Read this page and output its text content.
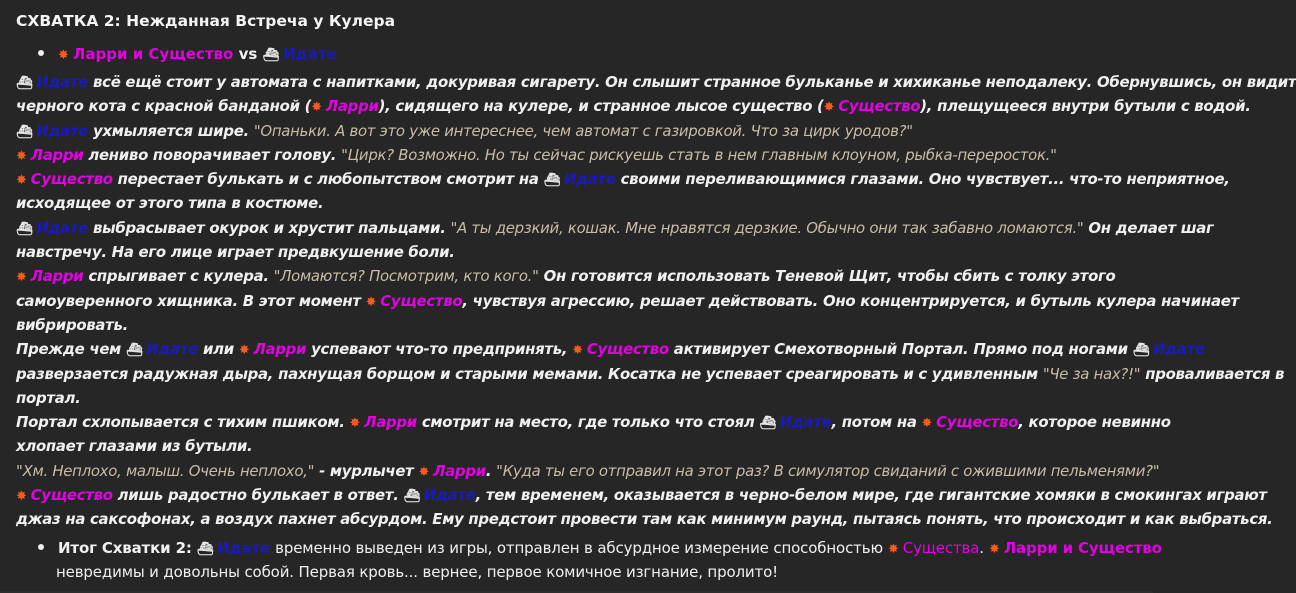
СХВАТКА 2: Нежданная Встреча у Кулера
✸ Ларри и Существо vs ⛴ Идате
⛴ Идате всё ещё стоит у автомата с напитками, докуривая сигарету. Он слышит странное бульканье и хихиканье неподалеку. Обернувшись, он видит
черного кота с красной банданой (✸ Ларри), сидящего на кулере, и странное лысое существо (✸ Существо), плещущееся внутри бутыли с водой.
⛴ Идате ухмыляется шире. "Опаньки. А вот это уже интереснее, чем автомат с газировкой. Что за цирк уродов?"
✸ Ларри лениво поворачивает голову. "Цирк? Возможно. Но ты сейчас рискуешь стать в нем главным клоуном, рыбка-переросток."
✸ Существо перестает булькать и с любопытством смотрит на ⛴ Идате своими переливающимися глазами. Оно чувствует... что-то неприятное,
исходящее от этого типа в костюме.
⛴ Идате выбрасывает окурок и хрустит пальцами. "А ты дерзкий, кошак. Мне нравятся дерзкие. Обычно они так забавно ломаются." Он делает шаг
навстречу. На его лице играет предвкушение боли.
✸ Ларри спрыгивает с кулера. "Ломаются? Посмотрим, кто кого." Он готовится использовать Теневой Щит, чтобы сбить с толку этого
самоуверенного хищника. В этот момент ✸ Существо, чувствуя агрессию, решает действовать. Оно концентрируется, и бутыль кулера начинает
вибрировать.
Прежде чем ⛴ Идате или ✸ Ларри успевают что-то предпринять, ✸ Существо активирует Смехотворный Портал. Прямо под ногами ⛴ Идате
разверзается радужная дыра, пахнущая борщом и старыми мемами. Косатка не успевает среагировать и с удивленным "Че за нах?!" проваливается в
портал.
Портал схлопывается с тихим пшиком. ✸ Ларри смотрит на место, где только что стоял ⛴ Идате, потом на ✸ Существо, которое невинно
хлопает глазами из бутыли.
"Хм. Неплохо, малыш. Очень неплохо," - мурлычет ✸ Ларри. "Куда ты его отправил на этот раз? В симулятор свиданий с ожившими пельменями?"
✸ Существо лишь радостно булькает в ответ. ⛴ Идате, тем временем, оказывается в черно-белом мире, где гигантские хомяки в смокингах играют
джаз на саксофонах, а воздух пахнет абсурдом. Ему предстоит провести там как минимум раунд, пытаясь понять, что происходит и как выбраться.
Итог Схватки 2: ⛴ Идате временно выведен из игры, отправлен в абсурдное измерение способностью ✸ Существа. ✸ Ларри и Существо
невредимы и довольны собой. Первая кровь... вернее, первое комичное изгнание, пролито!
